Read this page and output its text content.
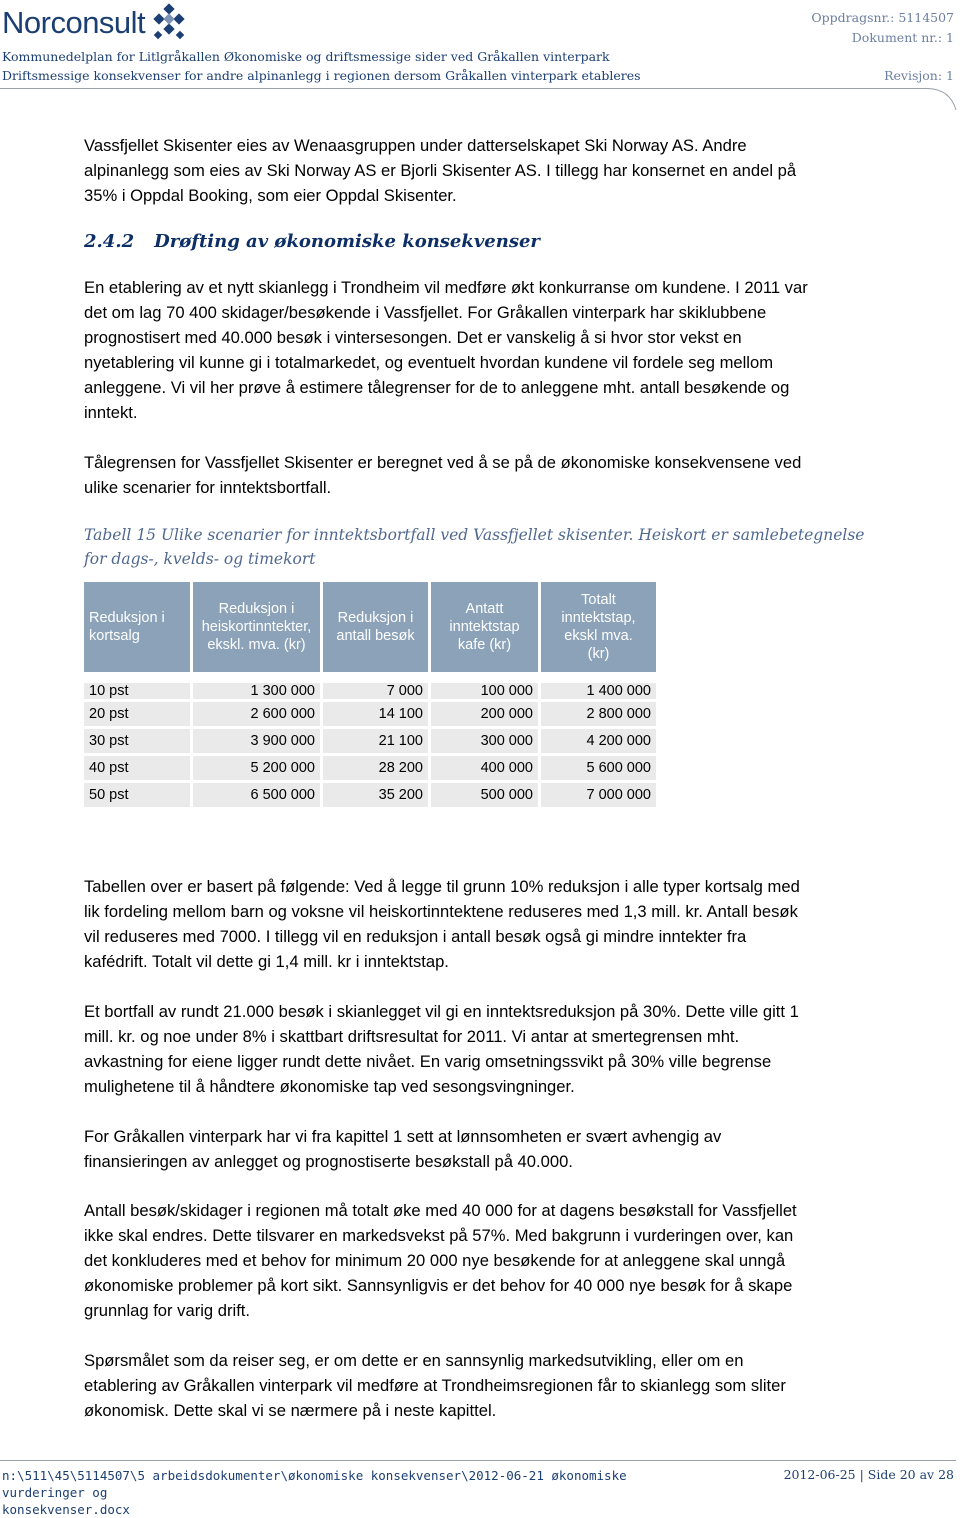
Norconsult	Oppdragsnr.: 5114507
Dokument nr.: 1
Revisjon: 1
Kommunedelplan for Litlgråkallen Økonomiske og driftsmessige sider ved Gråkallen vinterpark
Driftsmessige konsekvenser for andre alpinanlegg i regionen dersom Gråkallen vinterpark etableres
Vassfjellet Skisenter eies av Wenaasgruppen under datterselskapet Ski Norway AS. Andre
alpinanlegg som eies av Ski Norway AS er Bjorli Skisenter AS. I tillegg har konsernet en andel på
35% i Oppdal Booking, som eier Oppdal Skisenter.
2.4.2 Drøfting av økonomiske konsekvenser
En etablering av et nytt skianlegg i Trondheim vil medføre økt konkurranse om kundene. I 2011 var
det om lag 70 400 skidager/besøkende i Vassfjellet. For Gråkallen vinterpark har skiklubbene
prognostisert med 40.000 besøk i vintersesongen. Det er vanskelig å si hvor stor vekst en
nyetablering vil kunne gi i totalmarkedet, og eventuelt hvordan kundene vil fordele seg mellom
anleggene. Vi vil her prøve å estimere tålegrenser for de to anleggene mht. antall besøkende og
inntekt.
Tålegrensen for Vassfjellet Skisenter er beregnet ved å se på de økonomiske konsekvensene ved
ulike scenarier for inntektsbortfall.
Tabell 15 Ulike scenarier for inntektsbortfall ved Vassfjellet skisenter. Heiskort er samlebetegnelse
for dags-, kvelds- og timekort
Reduksjon i
kortsalg	Reduksjon i
heiskortinntekter,
ekskl. mva. (kr)	Reduksjon i
antall besøk	Antatt
inntektstap
kafe (kr)	Totalt
inntektstap,
ekskl mva.
(kr)
10 pst	1 300 000	7 000	100 000	1 400 000
20 pst	2 600 000	14 100	200 000	2 800 000
30 pst	3 900 000	21 100	300 000	4 200 000
40 pst	5 200 000	28 200	400 000	5 600 000
50 pst	6 500 000	35 200	500 000	7 000 000
Tabellen over er basert på følgende: Ved å legge til grunn 10% reduksjon i alle typer kortsalg med
lik fordeling mellom barn og voksne vil heiskortinntektene reduseres med 1,3 mill. kr. Antall besøk
vil reduseres med 7000. I tillegg vil en reduksjon i antall besøk også gi mindre inntekter fra
kafédrift. Totalt vil dette gi 1,4 mill. kr i inntektstap.
Et bortfall av rundt 21.000 besøk i skianlegget vil gi en inntektsreduksjon på 30%. Dette ville gitt 1
mill. kr. og noe under 8% i skattbart driftsresultat for 2011. Vi antar at smertegrensen mht.
avkastning for eiene ligger rundt dette nivået. En varig omsetningssvikt på 30% ville begrense
mulighetene til å håndtere økonomiske tap ved sesongsvingninger.
For Gråkallen vinterpark har vi fra kapittel 1 sett at lønnsomheten er svært avhengig av
finansieringen av anlegget og prognostiserte besøkstall på 40.000.
Antall besøk/skidager i regionen må totalt øke med 40 000 for at dagens besøkstall for Vassfjellet
ikke skal endres. Dette tilsvarer en markedsvekst på 57%. Med bakgrunn i vurderingen over, kan
det konkluderes med et behov for minimum 20 000 nye besøkende for at anleggene skal unngå
økonomiske problemer på kort sikt. Sannsynligvis er det behov for 40 000 nye besøk for å skape
grunnlag for varig drift.
Spørsmålet som da reiser seg, er om dette er en sannsynlig markedsutvikling, eller om en
etablering av Gråkallen vinterpark vil medføre at Trondheimsregionen får to skianlegg som sliter
økonomisk. Dette skal vi se nærmere på i neste kapittel.
n:\511\45\5114507\5 arbeidsdokumenter\økonomiske konsekvenser\2012-06-21 økonomiske vurderinger og
konsekvenser.docx
2012-06-25 | Side 20 av 28
